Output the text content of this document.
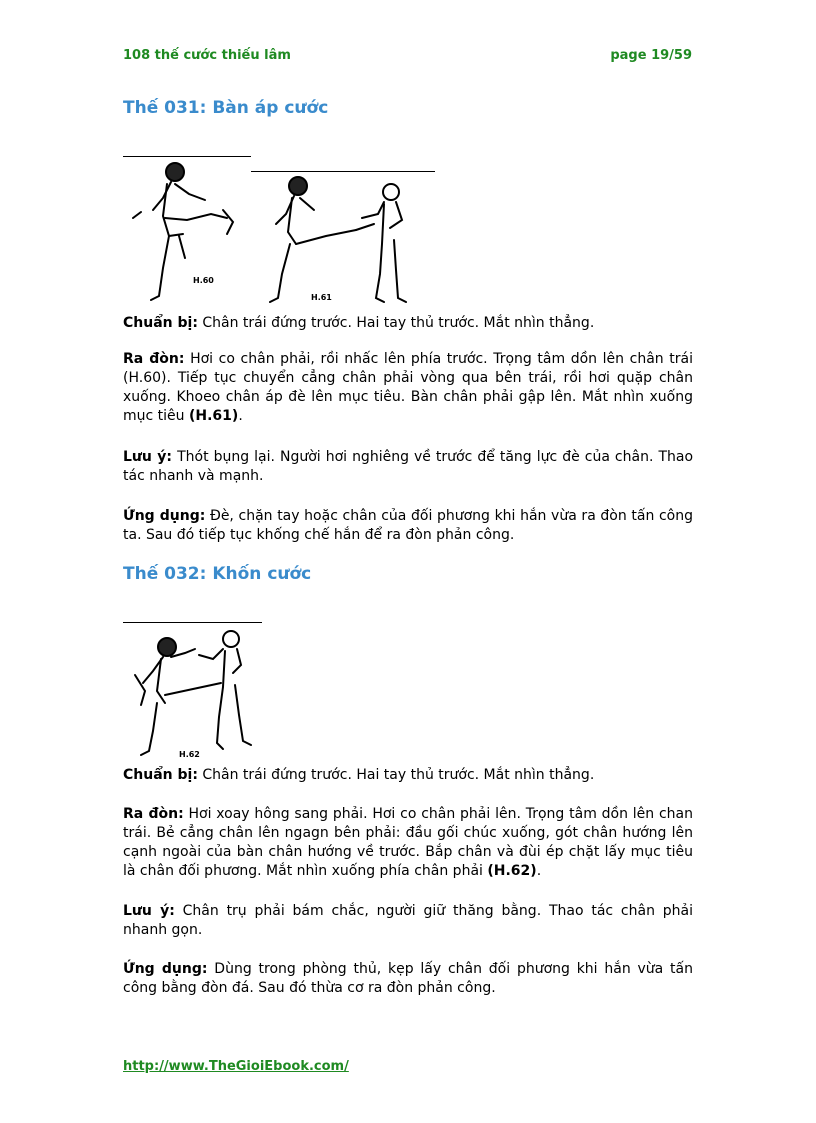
108 thế cước thiếu lâm	page 19/59
Thế 031: Bàn áp cước
H.60
H.61
Chuẩn bị: Chân trái đứng trước. Hai tay thủ trước. Mắt nhìn thẳng.
Ra đòn: Hơi co chân phải, rồi nhấc lên phía trước. Trọng tâm dồn lên chân trái (H.60). Tiếp tục chuyển cẳng chân phải vòng qua bên trái, rồi hơi quặp chân xuống. Khoeo chân áp đè lên mục tiêu. Bàn chân phải gập lên. Mắt nhìn xuống mục tiêu (H.61).
Lưu ý: Thót bụng lại. Người hơi nghiêng về trước để tăng lực đè của chân. Thao tác nhanh và mạnh.
Ứng dụng: Đè, chặn tay hoặc chân của đối phương khi hắn vừa ra đòn tấn công ta. Sau đó tiếp tục khống chế hắn để ra đòn phản công.
Thế 032: Khốn cước
H.62
Chuẩn bị: Chân trái đứng trước. Hai tay thủ trước. Mắt nhìn thẳng.
Ra đòn: Hơi xoay hông sang phải. Hơi co chân phải lên. Trọng tâm dồn lên chan trái. Bẻ cẳng chân lên ngagn bên phải: đầu gối chúc xuống, gót chân hướng lên cạnh ngoài của bàn chân hướng về trước. Bắp chân và đùi ép chặt lấy mục tiêu là chân đối phương. Mắt nhìn xuống phía chân phải (H.62).
Lưu ý: Chân trụ phải bám chắc, người giữ thăng bằng. Thao tác chân phải nhanh gọn.
Ứng dụng: Dùng trong phòng thủ, kẹp lấy chân đối phương khi hắn vừa tấn công bằng đòn đá. Sau đó thừa cơ ra đòn phản công.
http://www.TheGioiEbook.com/
